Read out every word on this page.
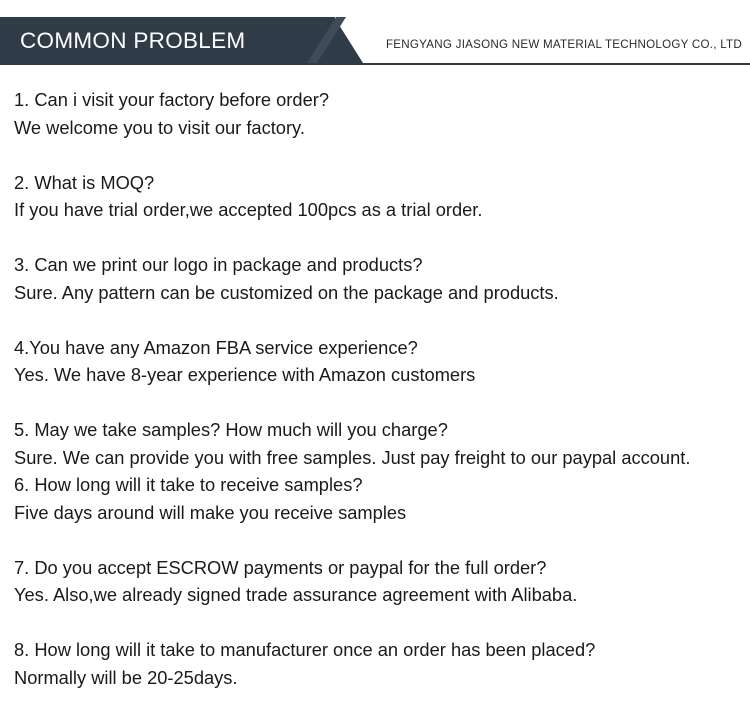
COMMON PROBLEM	FENGYANG JIASONG NEW MATERIAL TECHNOLOGY CO., LTD
1. Can i visit your factory before order?
We welcome you to visit our factory.
2. What is MOQ?
If you have trial order,we accepted 100pcs as a trial order.
3. Can we print our logo in package and products?
Sure. Any pattern can be customized on the package and products.
4.You have any Amazon FBA service experience?
Yes. We have 8-year experience with Amazon customers
5. May we take samples? How much will you charge?
Sure. We can provide you with free samples. Just pay freight to our paypal account.
6. How long will it take to receive samples?
Five days around will make you receive samples
7. Do you accept ESCROW payments or paypal for the full order?
Yes. Also,we already signed trade assurance agreement with Alibaba.
8. How long will it take to manufacturer once an order has been placed?
Normally will be 20-25days.
